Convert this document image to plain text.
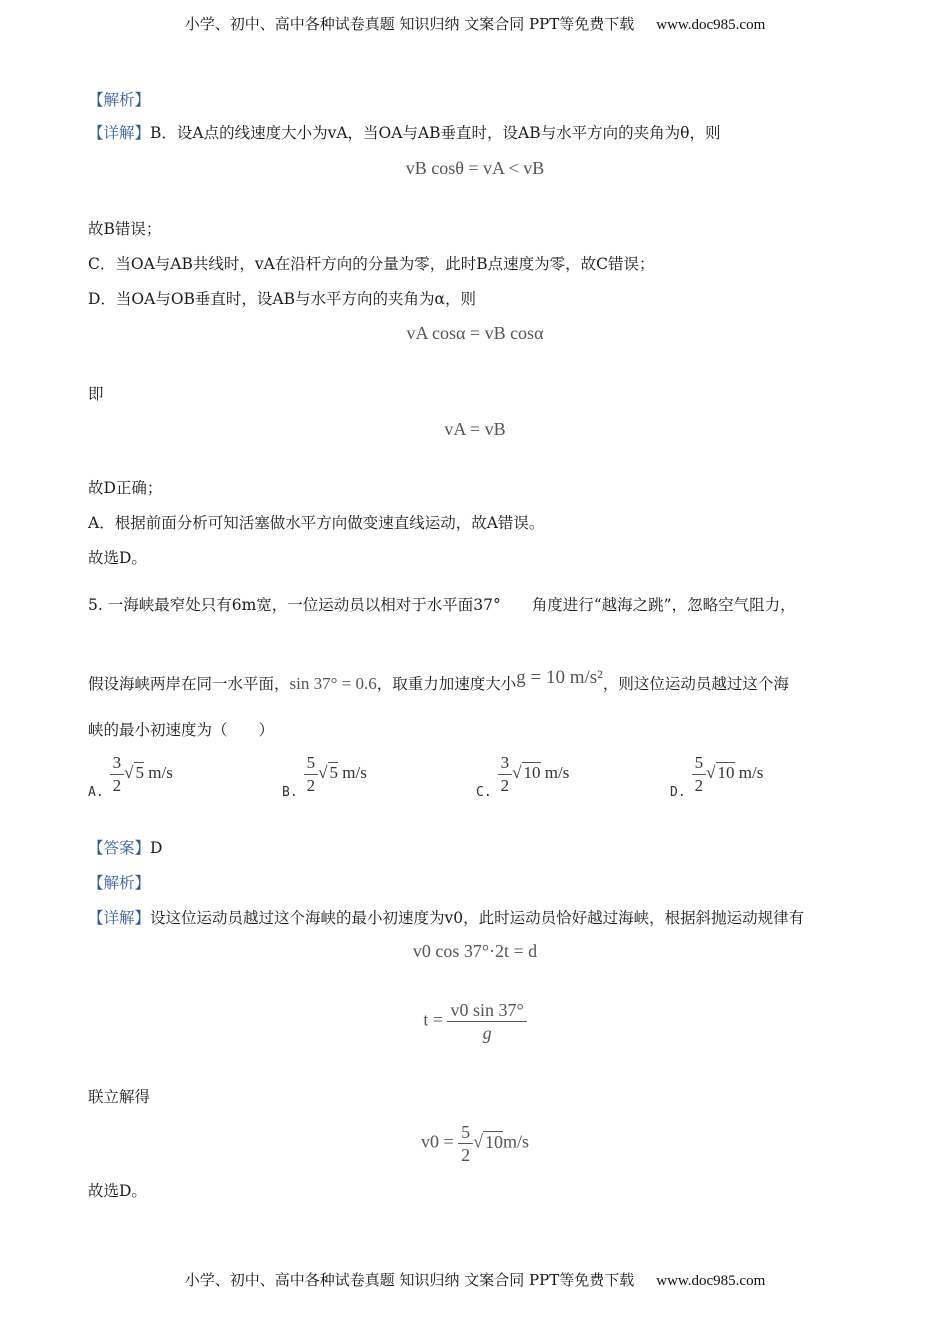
小学、初中、高中各种试卷真题 知识归纳 文案合同 PPT等免费下载 www.doc985.com
【解析】
【详解】B．设A点的线速度大小为vA，当OA与AB垂直时，设AB与水平方向的夹角为θ，则
vB cosθ = vA < vB
故B错误；
C．当OA与AB共线时，vA在沿杆方向的分量为零，此时B点速度为零，故C错误；
D．当OA与OB垂直时，设AB与水平方向的夹角为α，则
vA cosα = vB cosα
即
vA = vB
故D正确；
A．根据前面分析可知活塞做水平方向做变速直线运动，故A错误。
故选D。
5. 一海峡最窄处只有6m宽，一位运动员以相对于水平面37°　　角度进行“越海之跳”，忽略空气阻力，
假设海峡两岸在同一水平面，sin 37° = 0.6，取重力加速度大小g = 10 m/s²，则这位运动员越过这个海
峡的最小初速度为（　　）
$_{A.} \frac{3}{2}$ √ 5 m/s
$_{B.} \frac{5}{2}$ √ 5 m/s
$_{C.} \frac{3}{2}$ √ 10 m/s
$_{D.} \frac{5}{2}$ √ 10 m/s
【答案】D
【解析】
【详解】设这位运动员越过这个海峡的最小初速度为v0，此时运动员恰好越过海峡，根据斜抛运动规律有
v0 cos 37°·2t = d
$t = \frac{v0 \sin 37^\circ}{g}$
联立解得
$v0 = \frac{5}{2}$ √ 10m/s
故选D。
小学、初中、高中各种试卷真题 知识归纳 文案合同 PPT等免费下载 www.doc985.com
